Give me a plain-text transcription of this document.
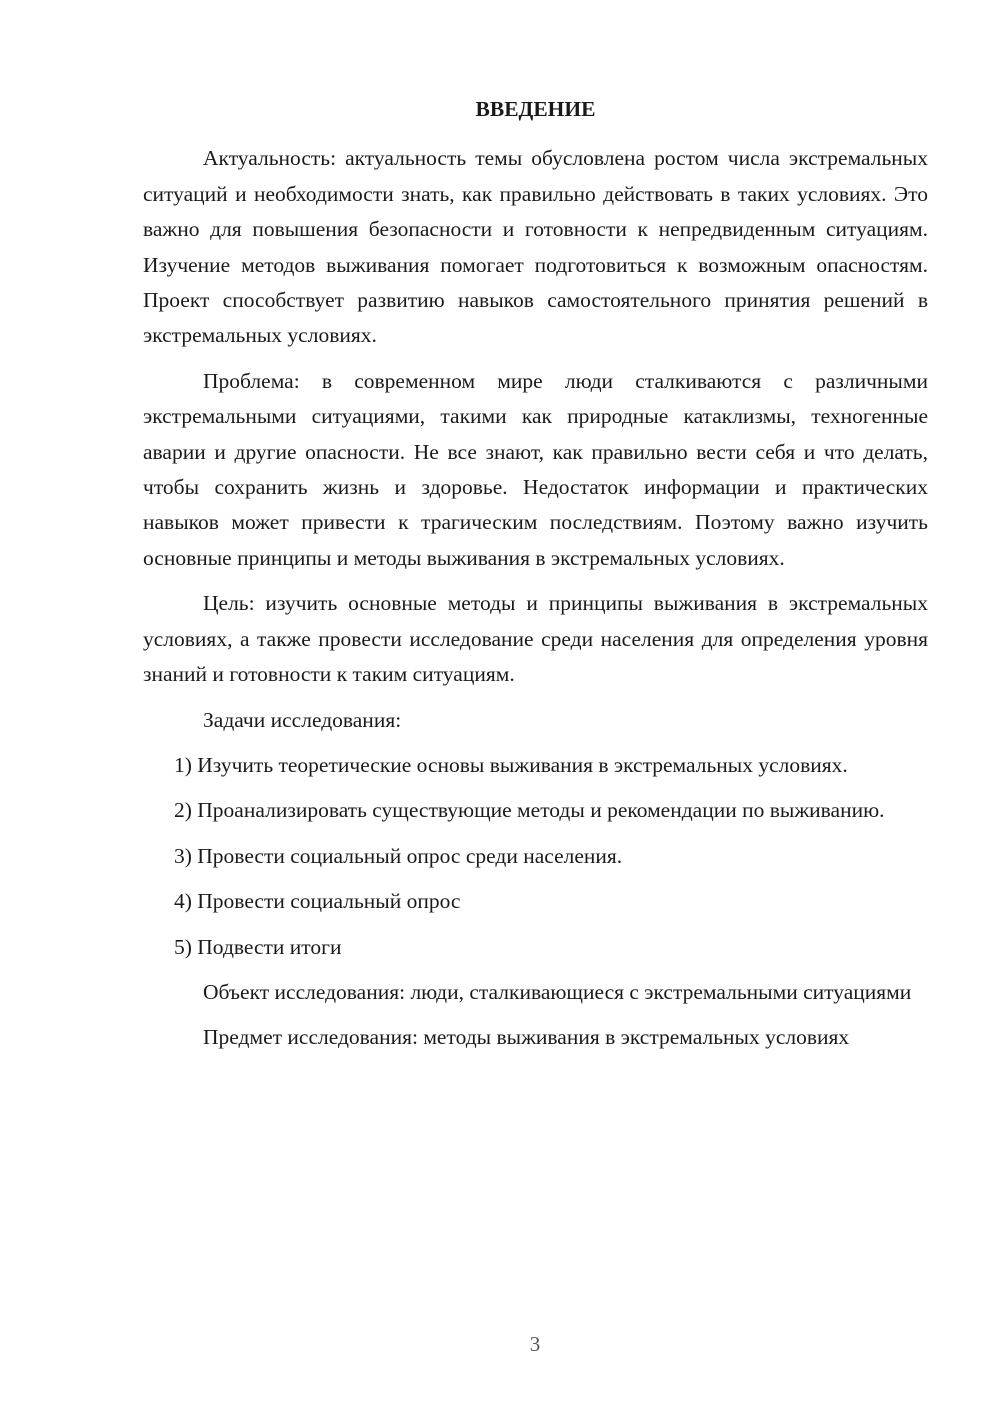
ВВЕДЕНИЕ

Актуальность: актуальность темы обусловлена ростом числа экстремальных ситуаций и необходимости знать, как правильно действовать в таких условиях. Это важно для повышения безопасности и готовности к непредвиденным ситуациям. Изучение методов выживания помогает подготовиться к возможным опасностям. Проект способствует развитию навыков самостоятельного принятия решений в экстремальных условиях.

Проблема: в современном мире люди сталкиваются с различными экстремальными ситуациями, такими как природные катаклизмы, техногенные аварии и другие опасности. Не все знают, как правильно вести себя и что делать, чтобы сохранить жизнь и здоровье. Недостаток информации и практических навыков может привести к трагическим последствиям. Поэтому важно изучить основные принципы и методы выживания в экстремальных условиях.

Цель: изучить основные методы и принципы выживания в экстремальных условиях, а также провести исследование среди населения для определения уровня знаний и готовности к таким ситуациям.

Задачи исследования:

1) Изучить теоретические основы выживания в экстремальных условиях.

2) Проанализировать существующие методы и рекомендации по выживанию.

3) Провести социальный опрос среди населения.

4) Провести социальный опрос

5) Подвести итоги

Объект исследования: люди, сталкивающиеся с экстремальными ситуациями

Предмет исследования: методы выживания в экстремальных условиях

3
